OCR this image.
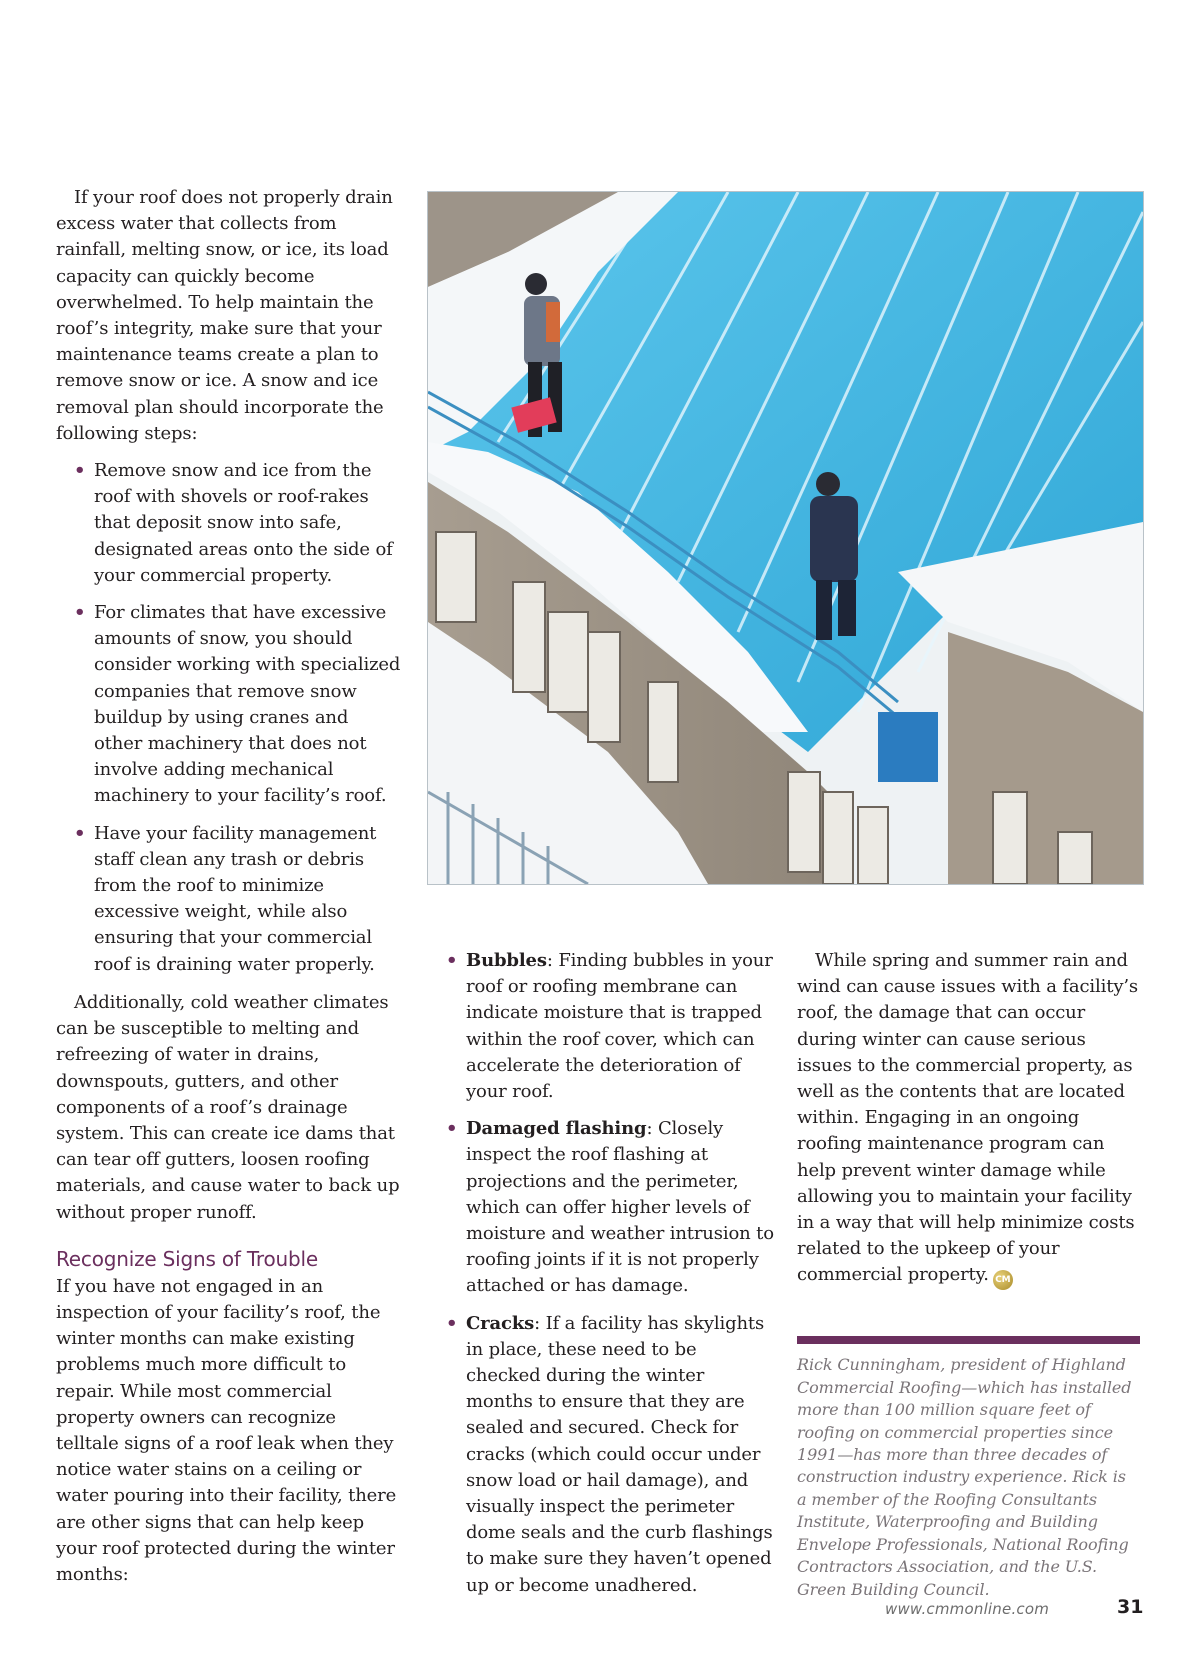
If your roof does not properly drain excess water that collects from rainfall, melting snow, or ice, its load capacity can quickly become overwhelmed. To help maintain the roof’s integrity, make sure that your maintenance teams create a plan to remove snow or ice. A snow and ice removal plan should incorporate the following steps:

• Remove snow and ice from the roof with shovels or roof-rakes that deposit snow into safe, designated areas onto the side of your commercial property.
• For climates that have excessive amounts of snow, you should consider working with specialized companies that remove snow buildup by using cranes and other machinery that does not involve adding mechanical machinery to your facility’s roof.
• Have your facility management staff clean any trash or debris from the roof to minimize excessive weight, while also ensuring that your commercial roof is draining water properly.

Additionally, cold weather climates can be susceptible to melting and refreezing of water in drains, downspouts, gutters, and other components of a roof’s drainage system. This can create ice dams that can tear off gutters, loosen roofing materials, and cause water to back up without proper runoff.

Recognize Signs of Trouble

If you have not engaged in an inspection of your facility’s roof, the winter months can make existing problems much more difficult to repair. While most commercial property owners can recognize telltale signs of a roof leak when they notice water stains on a ceiling or water pouring into their facility, there are other signs that can help keep your roof protected during the winter months:

• Bubbles: Finding bubbles in your roof or roofing membrane can indicate moisture that is trapped within the roof cover, which can accelerate the deterioration of your roof.
• Damaged flashing: Closely inspect the roof flashing at projections and the perimeter, which can offer higher levels of moisture and weather intrusion to roofing joints if it is not properly attached or has damage.
• Cracks: If a facility has skylights in place, these need to be checked during the winter months to ensure that they are sealed and secured. Check for cracks (which could occur under snow load or hail damage), and visually inspect the perimeter dome seals and the curb flashings to make sure they haven’t opened up or become unadhered.

While spring and summer rain and wind can cause issues with a facility’s roof, the damage that can occur during winter can cause serious issues to the commercial property, as well as the contents that are located within. Engaging in an ongoing roofing maintenance program can help prevent winter damage while allowing you to maintain your facility in a way that will help minimize costs related to the upkeep of your commercial property. CM

Rick Cunningham, president of Highland Commercial Roofing—which has installed more than 100 million square feet of roofing on commercial properties since 1991—has more than three decades of construction industry experience. Rick is a member of the Roofing Consultants Institute, Waterproofing and Building Envelope Professionals, National Roofing Contractors Association, and the U.S. Green Building Council.

www.cmmonline.com	31
